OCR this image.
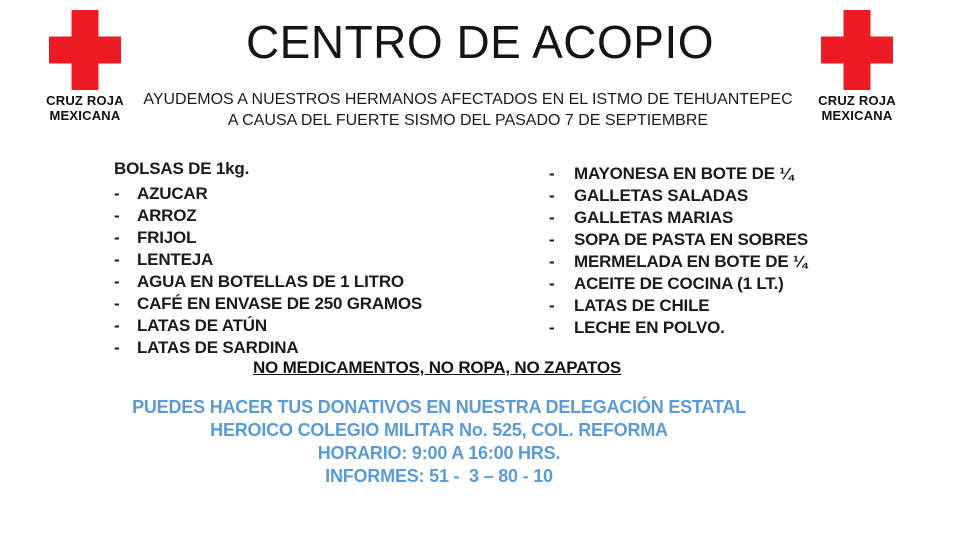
CRUZ ROJA
MEXICANA
CRUZ ROJA
MEXICANA
CENTRO DE ACOPIO
AYUDEMOS A NUESTROS HERMANOS AFECTADOS EN EL ISTMO DE TEHUANTEPEC
A CAUSA DEL FUERTE SISMO DEL PASADO 7 DE SEPTIEMBRE
BOLSAS DE 1kg.
-	AZUCAR
-	ARROZ
-	FRIJOL
-	LENTEJA
-	AGUA EN BOTELLAS DE 1 LITRO
-	CAFÉ EN ENVASE DE 250 GRAMOS
-	LATAS DE ATÚN
-	LATAS DE SARDINA
-	MAYONESA EN BOTE DE ¼
-	GALLETAS SALADAS
-	GALLETAS MARIAS
-	SOPA DE PASTA EN SOBRES
-	MERMELADA EN BOTE DE ¼
-	ACEITE DE COCINA (1 LT.)
-	LATAS DE CHILE
-	LECHE EN POLVO.
NO MEDICAMENTOS, NO ROPA, NO ZAPATOS
PUEDES HACER TUS DONATIVOS EN NUESTRA DELEGACIÓN ESTATAL
HEROICO COLEGIO MILITAR No. 525, COL. REFORMA
HORARIO: 9:00 A 16:00 HRS.
INFORMES: 51 -  3 – 80 - 10
